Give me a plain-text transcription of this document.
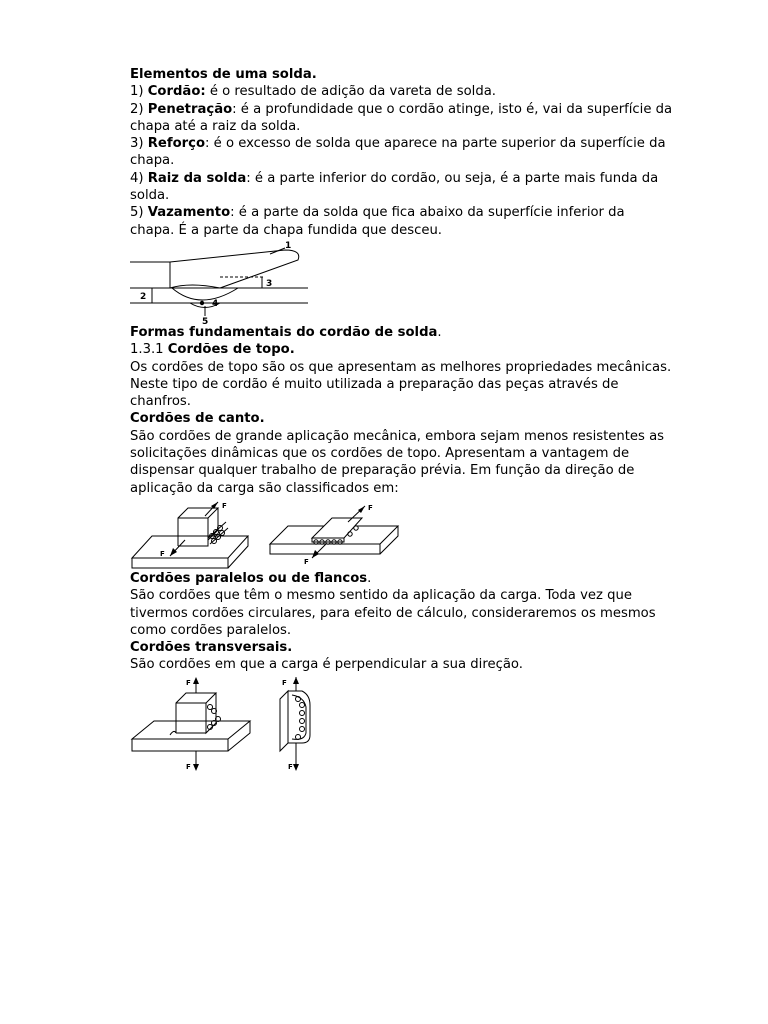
Elementos de uma solda.
1) Cordão: é o resultado de adição da vareta de solda.
2) Penetração: é a profundidade que o cordão atinge, isto é, vai da superfície da
chapa até a raiz da solda.
3) Reforço: é o excesso de solda que aparece na parte superior da superfície da
chapa.
4) Raiz da solda: é a parte inferior do cordão, ou seja, é a parte mais funda da
solda.
5) Vazamento: é a parte da solda que fica abaixo da superfície inferior da
chapa. É a parte da chapa fundida que desceu.
1
2
3
4
5
Formas fundamentais do cordão de solda.
1.3.1 Cordões de topo.
Os cordões de topo são os que apresentam as melhores propriedades mecânicas.
Neste tipo de cordão é muito utilizada a preparação das peças através de
chanfros.
Cordões de canto.
São cordões de grande aplicação mecânica, embora sejam menos resistentes as
solicitações dinâmicas que os cordões de topo. Apresentam a vantagem de
dispensar qualquer trabalho de preparação prévia. Em função da direção de
aplicação da carga são classificados em:
F
F	F
F
Cordões paralelos ou de flancos.
São cordões que têm o mesmo sentido da aplicação da carga. Toda vez que
tivermos cordões circulares, para efeito de cálculo, consideraremos os mesmos
como cordões paralelos.
Cordões transversais.
São cordões em que a carga é perpendicular a sua direção.
F
F
F
F
